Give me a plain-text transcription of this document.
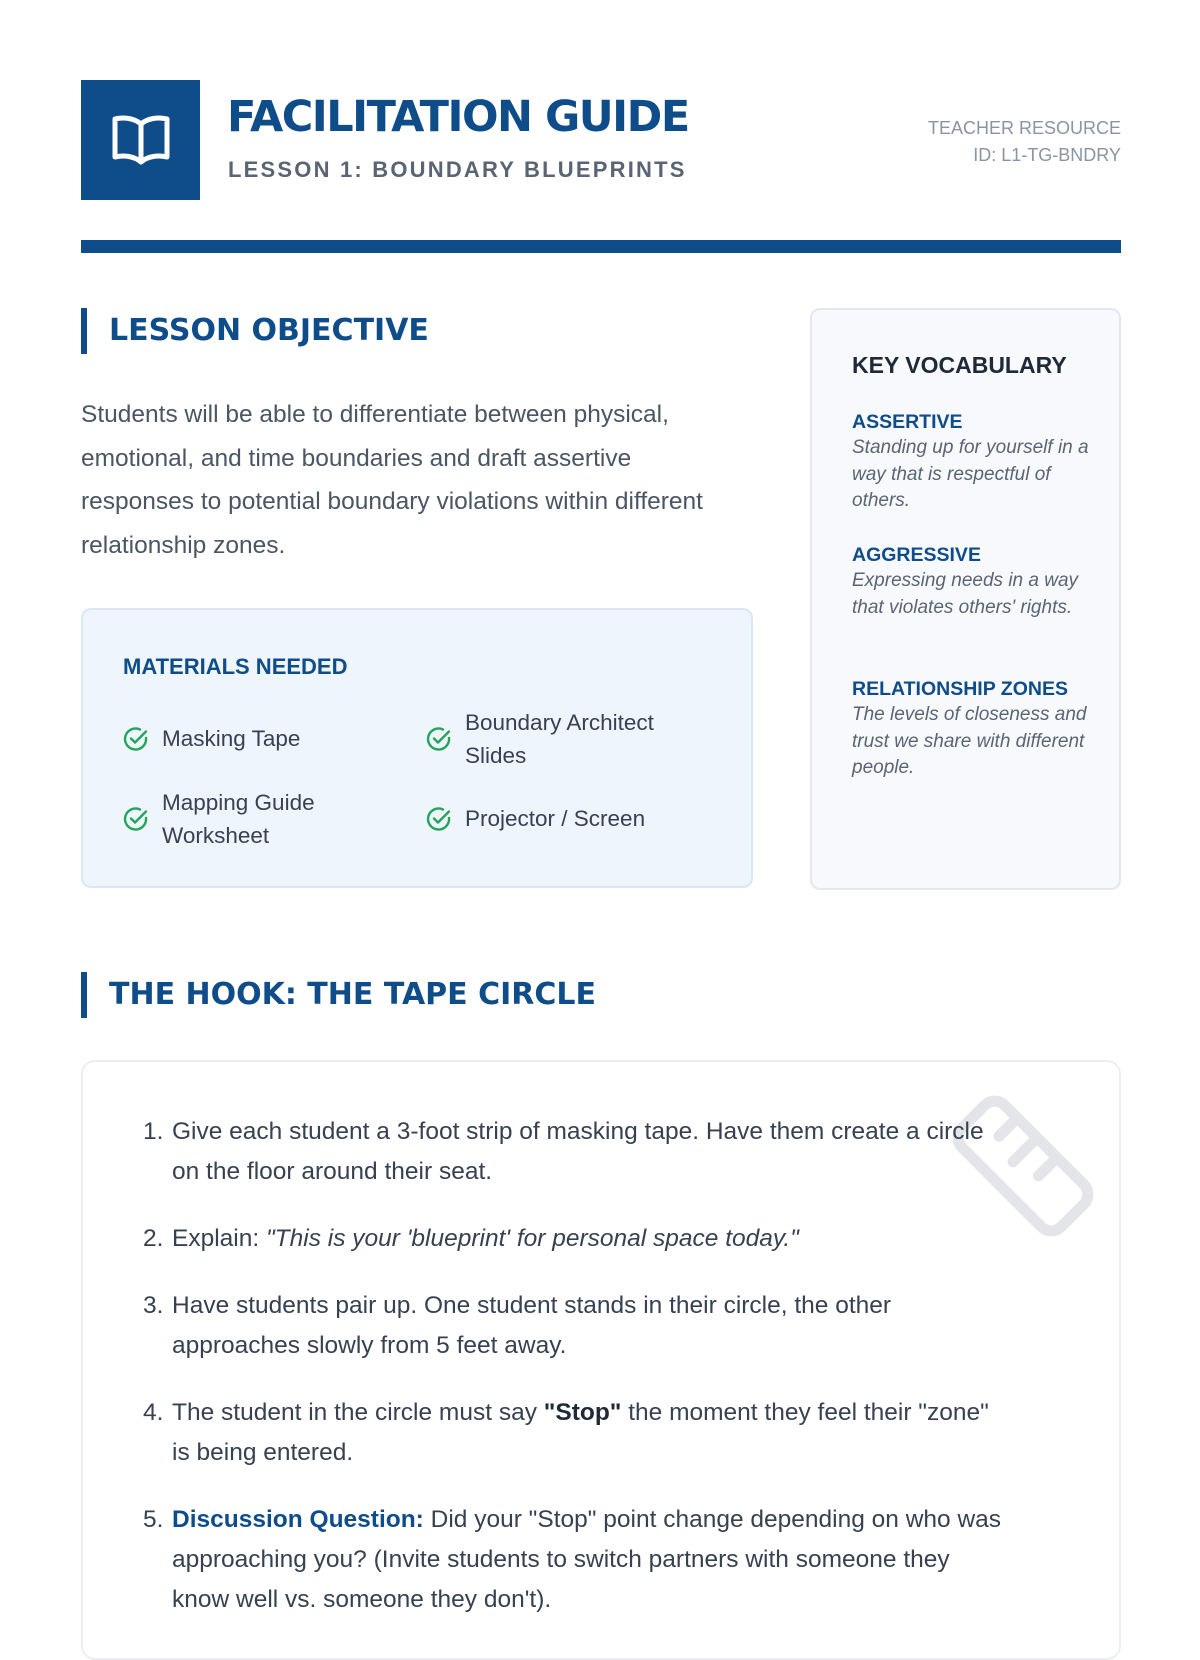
FACILITATION GUIDE
LESSON 1: BOUNDARY BLUEPRINTS
TEACHER RESOURCE
ID: L1-TG-BNDRY
LESSON OBJECTIVE

Students will be able to differentiate between physical, emotional, and time boundaries and draft assertive responses to potential boundary violations within different relationship zones.

MATERIALS NEEDED
Masking Tape
Boundary Architect Slides
Mapping Guide Worksheet
Projector / Screen
KEY VOCABULARY

ASSERTIVE

Standing up for yourself in a way that is respectful of others.

AGGRESSIVE

Expressing needs in a way that violates others' rights.

RELATIONSHIP ZONES

The levels of closeness and trust we share with different people.

THE HOOK: THE TAPE CIRCLE
1. Give each student a 3-foot strip of masking tape. Have them create a circle on the floor around their seat.
2. Explain: "This is your 'blueprint' for personal space today."
3. Have students pair up. One student stands in their circle, the other approaches slowly from 5 feet away.
4. The student in the circle must say "Stop" the moment they feel their "zone" is being entered.
5. Discussion Question: Did your "Stop" point change depending on who was approaching you? (Invite students to switch partners with someone they know well vs. someone they don't).
